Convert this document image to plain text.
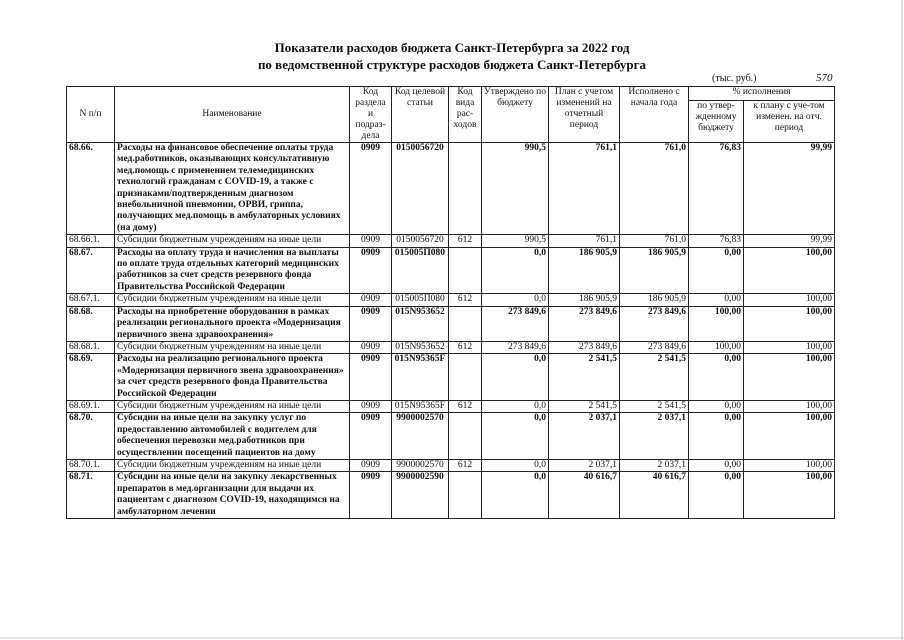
Показатели расходов бюджета Санкт-Петербурга за 2022 год
по ведомственной структуре расходов бюджета Санкт-Петербурга
(тыс. руб.)	570
N п/п	Наименование	Код раздела и подраз-дела	Код целевой статьи	Код вида рас-ходов	Утверждено по бюджету	План с учетом изменений на отчетный период	Исполнено с начала года	% исполнения	
								по утвер-жденному бюджету	к плану с уче-том изменен. на отч. период
68.66.	Расходы на финансовое обеспечение оплаты труда мед.работников, оказывающих консультативную мед.помощь с применением телемедицинских технологий гражданам с COVID-19, а также с признаками/подтвержденным диагнозом внебольничной пневмонии, ОРВИ, гриппа, получающих мед.помощь в амбулаторных условиях (на дому)	0909	0150056720		990,5	761,1	761,0	76,83	99,99
68.66.1.	Субсидии бюджетным учреждениям на иные цели	0909	0150056720	612	990,5	761,1	761,0	76,83	99,99
68.67.	Расходы на оплату труда и начисления на выплаты по оплате труда отдельных категорий медицинских работников за счет средств резервного фонда Правительства Российской Федерации	0909	015005П080		0,0	186 905,9	186 905,9	0,00	100,00
68.67.1.	Субсидии бюджетным учреждениям на иные цели	0909	015005П080	612	0,0	186 905,9	186 905,9	0,00	100,00
68.68.	Расходы на приобретение оборудования в рамках реализации регионального проекта «Модернизация первичного звена здравоохранения»	0909	015N953652		273 849,6	273 849,6	273 849,6	100,00	100,00
68.68.1.	Субсидии бюджетным учреждениям на иные цели	0909	015N953652	612	273 849,6	273 849,6	273 849,6	100,00	100,00
68.69.	Расходы на реализацию регионального проекта «Модернизация первичного звена здравоохранения» за счет средств резервного фонда Правительства Российской Федерации	0909	015N95365F		0,0	2 541,5	2 541,5	0,00	100,00
68.69.1.	Субсидии бюджетным учреждениям на иные цели	0909	015N95365F	612	0,0	2 541,5	2 541,5	0,00	100,00
68.70.	Субсидии на иные цели на закупку услуг по предоставлению автомобилей с водителем для обеспечения перевозки мед.работников при осуществлении посещений пациентов на дому	0909	9900002570		0,0	2 037,1	2 037,1	0,00	100,00
68.70.1.	Субсидии бюджетным учреждениям на иные цели	0909	9900002570	612	0,0	2 037,1	2 037,1	0,00	100,00
68.71.	Субсидии на иные цели на закупку лекарственных препаратов в мед.организации для выдачи их пациентам с диагнозом COVID-19, находящимся на амбулаторном лечении	0909	9900002590		0,0	40 616,7	40 616,7	0,00	100,00
